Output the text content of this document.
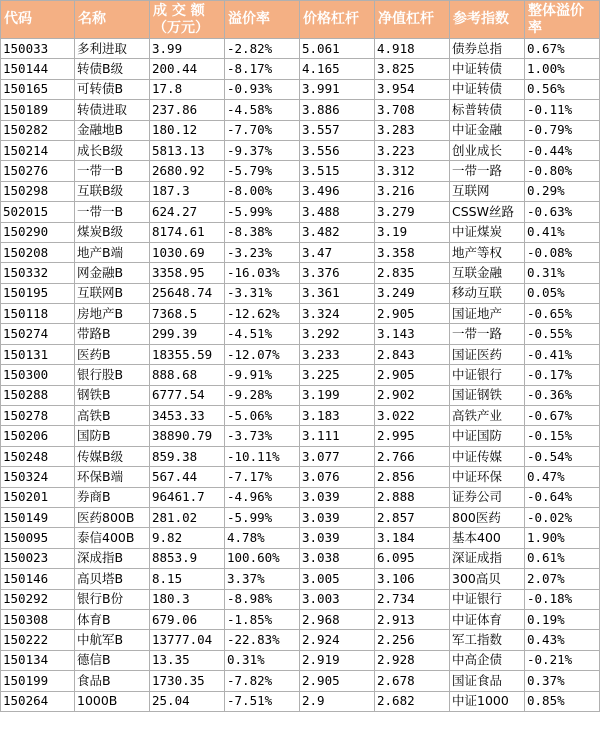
代码	名称	成 交 额（万元）	溢价率	价格杠杆	净值杠杆	参考指数	整体溢价率
150033	多利进取	3.99	-2.82%	5.061	4.918	债券总指	0.67%
150144	转债B级	200.44	-8.17%	4.165	3.825	中证转债	1.00%
150165	可转债B	17.8	-0.93%	3.991	3.954	中证转债	0.56%
150189	转债进取	237.86	-4.58%	3.886	3.708	标普转债	-0.11%
150282	金融地B	180.12	-7.70%	3.557	3.283	中证金融	-0.79%
150214	成长B级	5813.13	-9.37%	3.556	3.223	创业成长	-0.44%
150276	一带一B	2680.92	-5.79%	3.515	3.312	一带一路	-0.80%
150298	互联B级	187.3	-8.00%	3.496	3.216	互联网	0.29%
502015	一带一B	624.27	-5.99%	3.488	3.279	CSSW丝路	-0.63%
150290	煤炭B级	8174.61	-8.38%	3.482	3.19	中证煤炭	0.41%
150208	地产B端	1030.69	-3.23%	3.47	3.358	地产等权	-0.08%
150332	网金融B	3358.95	-16.03%	3.376	2.835	互联金融	0.31%
150195	互联网B	25648.74	-3.31%	3.361	3.249	移动互联	0.05%
150118	房地产B	7368.5	-12.62%	3.324	2.905	国证地产	-0.65%
150274	带路B	299.39	-4.51%	3.292	3.143	一带一路	-0.55%
150131	医药B	18355.59	-12.07%	3.233	2.843	国证医药	-0.41%
150300	银行股B	888.68	-9.91%	3.225	2.905	中证银行	-0.17%
150288	钢铁B	6777.54	-9.28%	3.199	2.902	国证钢铁	-0.36%
150278	高铁B	3453.33	-5.06%	3.183	3.022	高铁产业	-0.67%
150206	国防B	38890.79	-3.73%	3.111	2.995	中证国防	-0.15%
150248	传媒B级	859.38	-10.11%	3.077	2.766	中证传媒	-0.54%
150324	环保B端	567.44	-7.17%	3.076	2.856	中证环保	0.47%
150201	券商B	96461.7	-4.96%	3.039	2.888	证券公司	-0.64%
150149	医药800B	281.02	-5.99%	3.039	2.857	800医药	-0.02%
150095	泰信400B	9.82	4.78%	3.039	3.184	基本400	1.90%
150023	深成指B	8853.9	100.60%	3.038	6.095	深证成指	0.61%
150146	高贝塔B	8.15	3.37%	3.005	3.106	300高贝	2.07%
150292	银行B份	180.3	-8.98%	3.003	2.734	中证银行	-0.18%
150308	体育B	679.06	-1.85%	2.968	2.913	中证体育	0.19%
150222	中航军B	13777.04	-22.83%	2.924	2.256	军工指数	0.43%
150134	德信B	13.35	0.31%	2.919	2.928	中高企债	-0.21%
150199	食品B	1730.35	-7.82%	2.905	2.678	国证食品	0.37%
150264	1000B	25.04	-7.51%	2.9	2.682	中证1000	0.85%
